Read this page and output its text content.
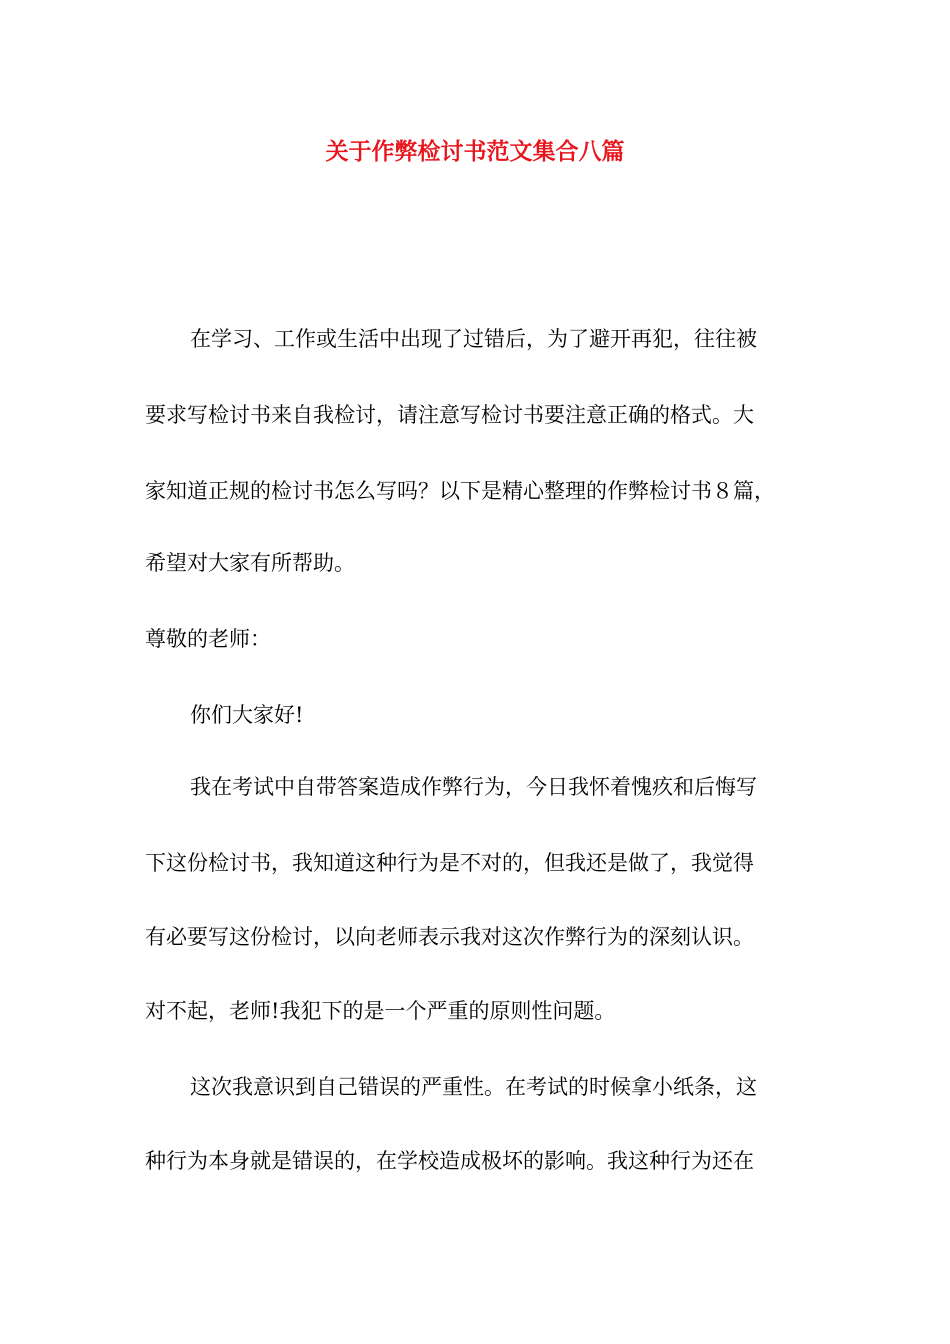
关于作弊检讨书范文集合八篇

在学习、工作或生活中出现了过错后，为了避开再犯，往往被

要求写检讨书来自我检讨，请注意写检讨书要注意正确的格式。大

家知道正规的检讨书怎么写吗？以下是精心整理的作弊检讨书８篇，

希望对大家有所帮助。

尊敬的老师：

你们大家好!

我在考试中自带答案造成作弊行为，今日我怀着愧疚和后悔写

下这份检讨书，我知道这种行为是不对的，但我还是做了，我觉得

有必要写这份检讨，以向老师表示我对这次作弊行为的深刻认识。

对不起，老师!我犯下的是一个严重的原则性问题。

这次我意识到自己错误的严重性。在考试的时候拿小纸条，这

种行为本身就是错误的，在学校造成极坏的影响。我这种行为还在
